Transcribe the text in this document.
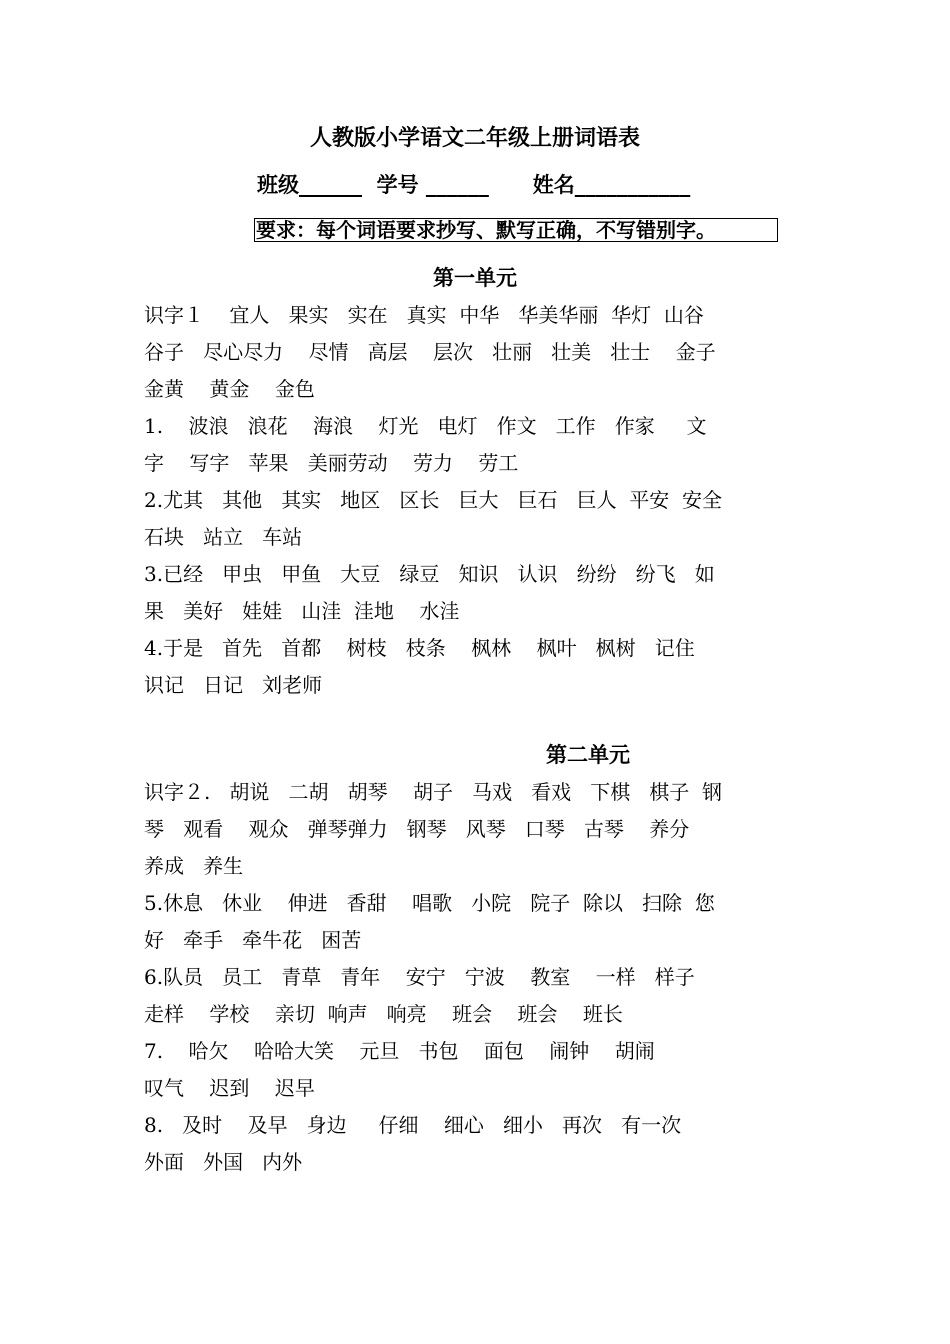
人教版小学语文二年级上册词语表
班级______  学号 ______      姓名___________
要求：每个词语要求抄写、默写正确，不写错别字。
第一单元
识字１    宜人   果实   实在   真实  中华   华美华丽  华灯  山谷
谷子   尽心尽力    尽情   高层    层次   壮丽   壮美   壮士    金子
金黄    黄金    金色
1.    波浪   浪花    海浪    灯光   电灯   作文   工作   作家     文
字    写字   苹果   美丽劳动    劳力    劳工
2.尤其   其他   其实   地区   区长   巨大   巨石   巨人  平安  安全
石块   站立   车站
3.已经   甲虫   甲鱼   大豆   绿豆   知识   认识   纷纷   纷飞   如
果   美好   娃娃   山洼  洼地    水洼
4.于是   首先   首都    树枝   枝条    枫林    枫叶   枫树   记住
识记   日记   刘老师
第二单元
识字２.   胡说   二胡   胡琴    胡子   马戏   看戏   下棋   棋子  钢
琴   观看    观众   弹琴弹力   钢琴   风琴   口琴   古琴    养分
养成   养生
5.休息   休业    伸进   香甜    唱歌   小院   院子  除以   扫除  您
好   牵手   牵牛花   困苦
6.队员   员工   青草   青年    安宁   宁波    教室    一样   样子
走样    学校    亲切  响声   响亮    班会    班会    班长
7.    哈欠    哈哈大笑    元旦   书包    面包    闹钟    胡闹
叹气    迟到    迟早
8.   及时    及早   身边     仔细    细心   细小   再次   有一次
外面   外国   内外
